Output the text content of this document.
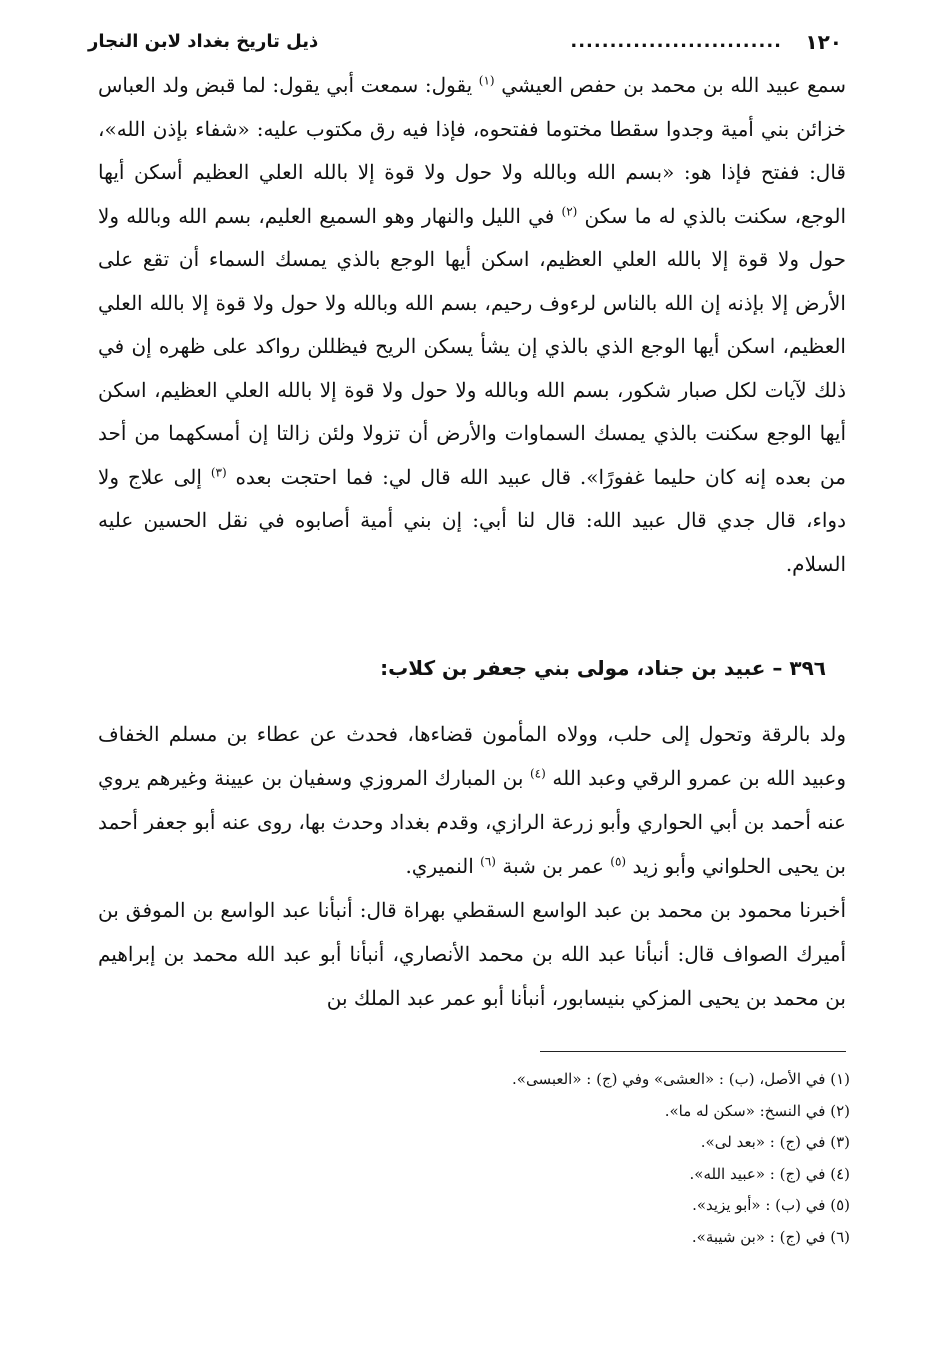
١٢٠
...........................
ذيل تاريخ بغداد لابن النجار

سمع عبيد الله بن محمد بن حفص العيشي $^{(١)}$ يقول: سمعت أبي يقول: لما قبض ولد العباس خزائن بني أمية وجدوا سقطا مختوما ففتحوه، فإذا فيه رق مكتوب عليه: «شفاء بإذن الله»، قال: ففتح فإذا هو: «بسم الله وبالله ولا حول ولا قوة إلا بالله العلي العظيم أسكن أيها الوجع، سكنت بالذي له ما سكن $^{(٢)}$ في الليل والنهار وهو السميع العليم، بسم الله وبالله ولا حول ولا قوة إلا بالله العلي العظيم، اسكن أيها الوجع بالذي يمسك السماء أن تقع على الأرض إلا بإذنه إن الله بالناس لرءوف رحيم، بسم الله وبالله ولا حول ولا قوة إلا بالله العلي العظيم، اسكن أيها الوجع الذي بالذي إن يشأ يسكن الريح فيظللن رواكد على ظهره إن في ذلك لآيات لكل صبار شكور، بسم الله وبالله ولا حول ولا قوة إلا بالله العلي العظيم، اسكن أيها الوجع سكنت بالذي يمسك السماوات والأرض أن تزولا ولئن زالتا إن أمسكهما من أحد من بعده إنه كان حليما غفورًا». قال عبيد الله قال لي: فما احتجت بعده $^{(٣)}$ إلى علاج ولا دواء، قال جدي قال عبيد الله: قال لنا أبي: إن بني أمية أصابوه في نقل الحسين عليه السلام.

٣٩٦ – عبيد بن جناد، مولى بني جعفر بن كلاب:

ولد بالرقة وتحول إلى حلب، وولاه المأمون قضاءها، فحدث عن عطاء بن مسلم الخفاف وعبيد الله بن عمرو الرقي وعبد الله $^{(٤)}$ بن المبارك المروزي وسفيان بن عيينة وغيرهم يروي عنه أحمد بن أبي الحواري وأبو زرعة الرازي، وقدم بغداد وحدث بها، روى عنه أبو جعفر أحمد بن يحيى الحلواني وأبو زيد $^{(٥)}$ عمر بن شبة $^{(٦)}$ النميري.

أخبرنا محمود بن محمد بن عبد الواسع السقطي بهراة قال: أنبأنا عبد الواسع بن الموفق بن أميرك الصواف قال: أنبأنا عبد الله بن محمد الأنصاري، أنبأنا أبو عبد الله محمد بن إبراهيم بن محمد بن يحيى المزكي بنيسابور، أنبأنا أبو عمر عبد الملك بن

(١) في الأصل، (ب) : «العشى» وفي (ج) : «العبسى».
(٢) في النسخ: «سكن له ما».
(٣) في (ج) : «بعد لى».
(٤) في (ج) : «عبيد الله».
(٥) في (ب) : «أبو يزيد».
(٦) في (ج) : «بن شيبة».
